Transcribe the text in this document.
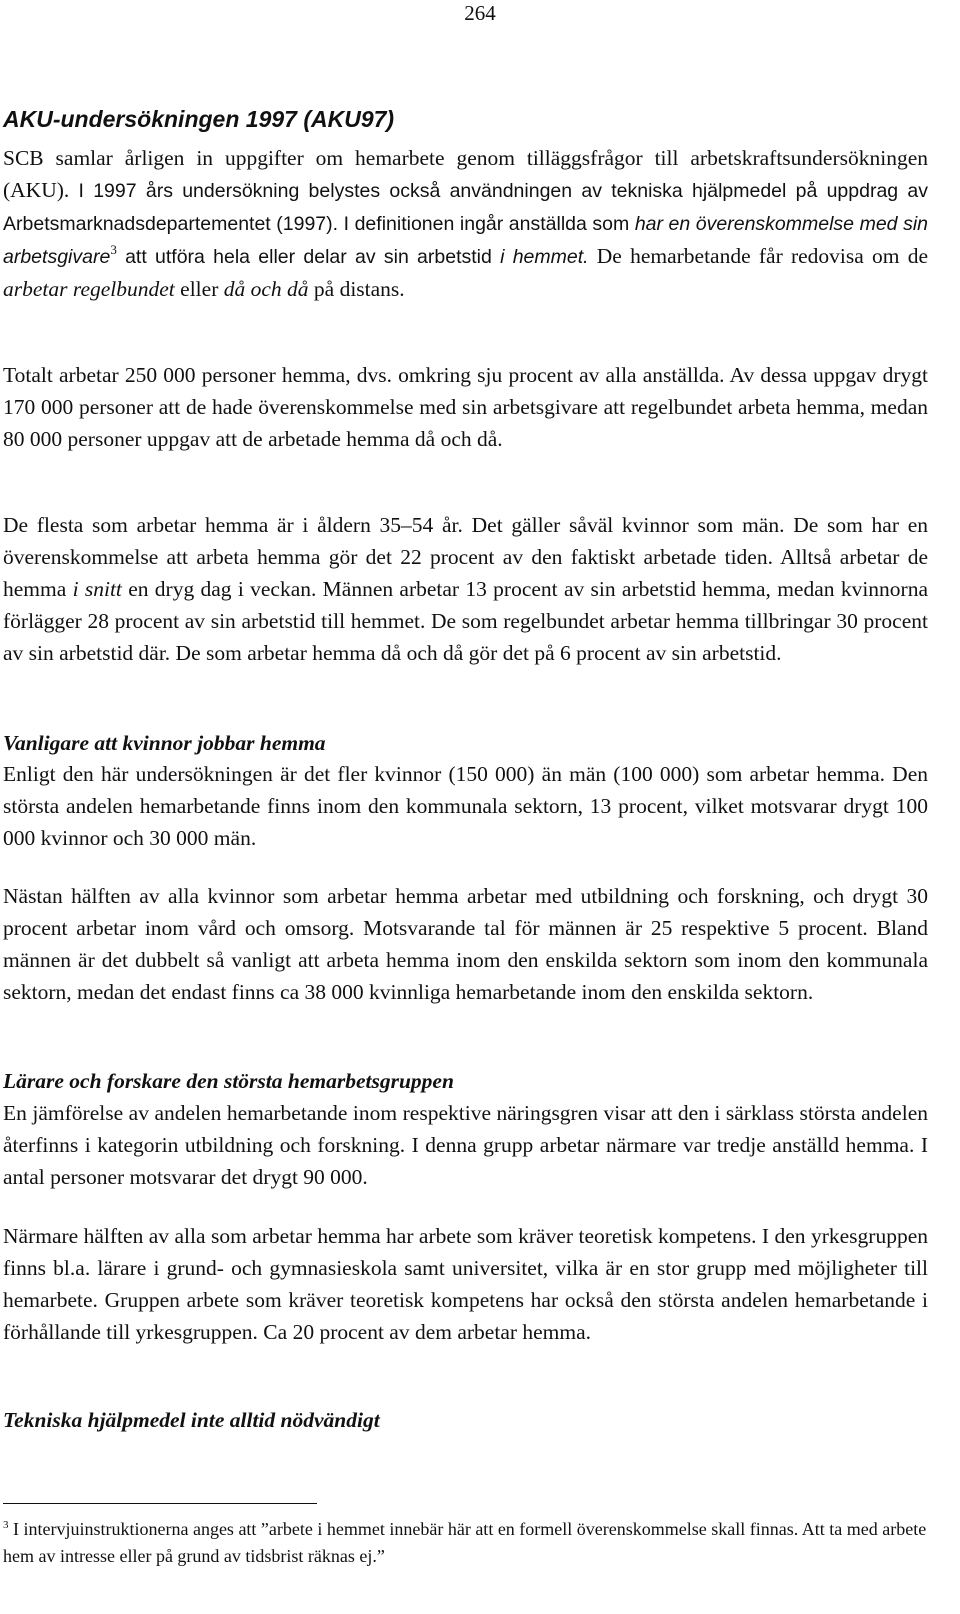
264
AKU-undersökningen 1997 (AKU97)

SCB samlar årligen in uppgifter om hemarbete genom tilläggsfrågor till arbetskraftsundersökningen (AKU). I 1997 års undersökning belystes också användningen av tekniska hjälpmedel på uppdrag av Arbetsmarknadsdepartementet (1997). I definitionen ingår anställda som har en överenskommelse med sin arbetsgivare$^3$ att utföra hela eller delar av sin arbetstid i hemmet. De hemarbetande får redovisa om de arbetar regelbundet eller då och då på distans.

Totalt arbetar 250 000 personer hemma, dvs. omkring sju procent av alla anställda. Av dessa uppgav drygt 170 000 personer att de hade överenskommelse med sin arbetsgivare att regelbundet arbeta hemma, medan 80 000 personer uppgav att de arbetade hemma då och då.

De flesta som arbetar hemma är i åldern 35–54 år. Det gäller såväl kvinnor som män. De som har en överenskommelse att arbeta hemma gör det 22 procent av den faktiskt arbetade tiden. Alltså arbetar de hemma i snitt en dryg dag i veckan. Männen arbetar 13 procent av sin arbetstid hemma, medan kvinnorna förlägger 28 procent av sin arbetstid till hemmet. De som regelbundet arbetar hemma tillbringar 30 procent av sin arbetstid där. De som arbetar hemma då och då gör det på 6 procent av sin arbetstid.

Vanligare att kvinnor jobbar hemma

Enligt den här undersökningen är det fler kvinnor (150 000) än män (100 000) som arbetar hemma. Den största andelen hemarbetande finns inom den kommunala sektorn, 13 procent, vilket motsvarar drygt 100 000 kvinnor och 30 000 män.

Nästan hälften av alla kvinnor som arbetar hemma arbetar med utbildning och forskning, och drygt 30 procent arbetar inom vård och omsorg. Motsvarande tal för männen är 25 respektive 5 procent. Bland männen är det dubbelt så vanligt att arbeta hemma inom den enskilda sektorn som inom den kommunala sektorn, medan det endast finns ca 38 000 kvinnliga hemarbetande inom den enskilda sektorn.

Lärare och forskare den största hemarbetsgruppen

En jämförelse av andelen hemarbetande inom respektive näringsgren visar att den i särklass största andelen återfinns i kategorin utbildning och forskning. I denna grupp arbetar närmare var tredje anställd hemma. I antal personer motsvarar det drygt 90 000.

Närmare hälften av alla som arbetar hemma har arbete som kräver teoretisk kompetens. I den yrkesgruppen finns bl.a. lärare i grund- och gymnasieskola samt universitet, vilka är en stor grupp med möjligheter till hemarbete. Gruppen arbete som kräver teoretisk kompetens har också den största andelen hemarbetande i förhållande till yrkesgruppen. Ca 20 procent av dem arbetar hemma.

Tekniska hjälpmedel inte alltid nödvändigt

$^3$ I intervjuinstruktionerna anges att ”arbete i hemmet innebär här att en formell överenskommelse skall finnas. Att ta med arbete hem av intresse eller på grund av tidsbrist räknas ej.”
